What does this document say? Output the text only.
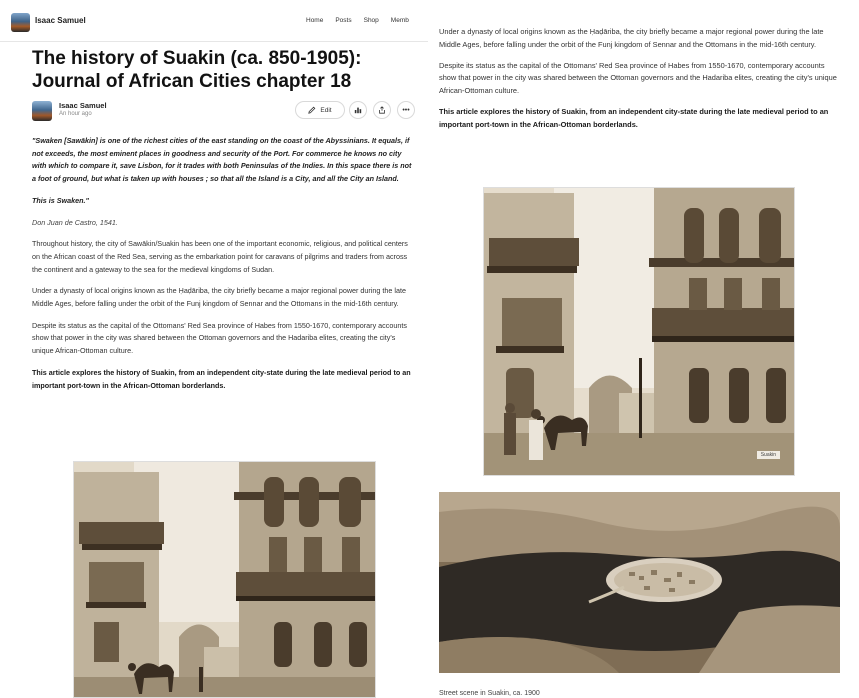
Isaac Samuel	Home Posts Shop Memb
The history of Suakin (ca. 850-1905): Journal of African Cities chapter 18
Isaac Samuel
An hour ago
Edit	•••

"Swaken [Sawākin] is one of the richest cities of the east standing on the coast of the Abyssinians. It equals, if not exceeds, the most eminent places in goodness and security of the Port. For commerce he knows no city with which to compare it, save Lisbon, for it trades with both Peninsulas of the Indies. In this space there is not a foot of ground, but what is taken up with houses ; so that all the Island is a City, and all the City an Island.

This is Swaken."

Don Juan de Castro, 1541.

Throughout history, the city of Sawākin/Suakin has been one of the important economic, religious, and political centers on the African coast of the Red Sea, serving as the embarkation point for caravans of pilgrims and traders from across the continent and a gateway to the sea for the medieval kingdoms of Sudan.

Under a dynasty of local origins known as the Ḥaḍāriba, the city briefly became a major regional power during the late Middle Ages, before falling under the orbit of the Funj kingdom of Sennar and the Ottomans in the mid-16th century.

Despite its status as the capital of the Ottomans' Red Sea province of Habes from 1550-1670, contemporary accounts show that power in the city was shared between the Ottoman governors and the Hadariba elites, creating the city's unique African-Ottoman culture.

This article explores the history of Suakin, from an independent city-state during the late medieval period to an important port-town in the African-Ottoman borderlands.

Under a dynasty of local origins known as the Ḥaḍāriba, the city briefly became a major regional power during the late Middle Ages, before falling under the orbit of the Funj kingdom of Sennar and the Ottomans in the mid-16th century.

Despite its status as the capital of the Ottomans' Red Sea province of Habes from 1550-1670, contemporary accounts show that power in the city was shared between the Ottoman governors and the Hadariba elites, creating the city's unique African-Ottoman culture.

This article explores the history of Suakin, from an independent city-state during the late medieval period to an important port-town in the African-Ottoman borderlands.

Suakin
Street scene in Suakin, ca. 1900
